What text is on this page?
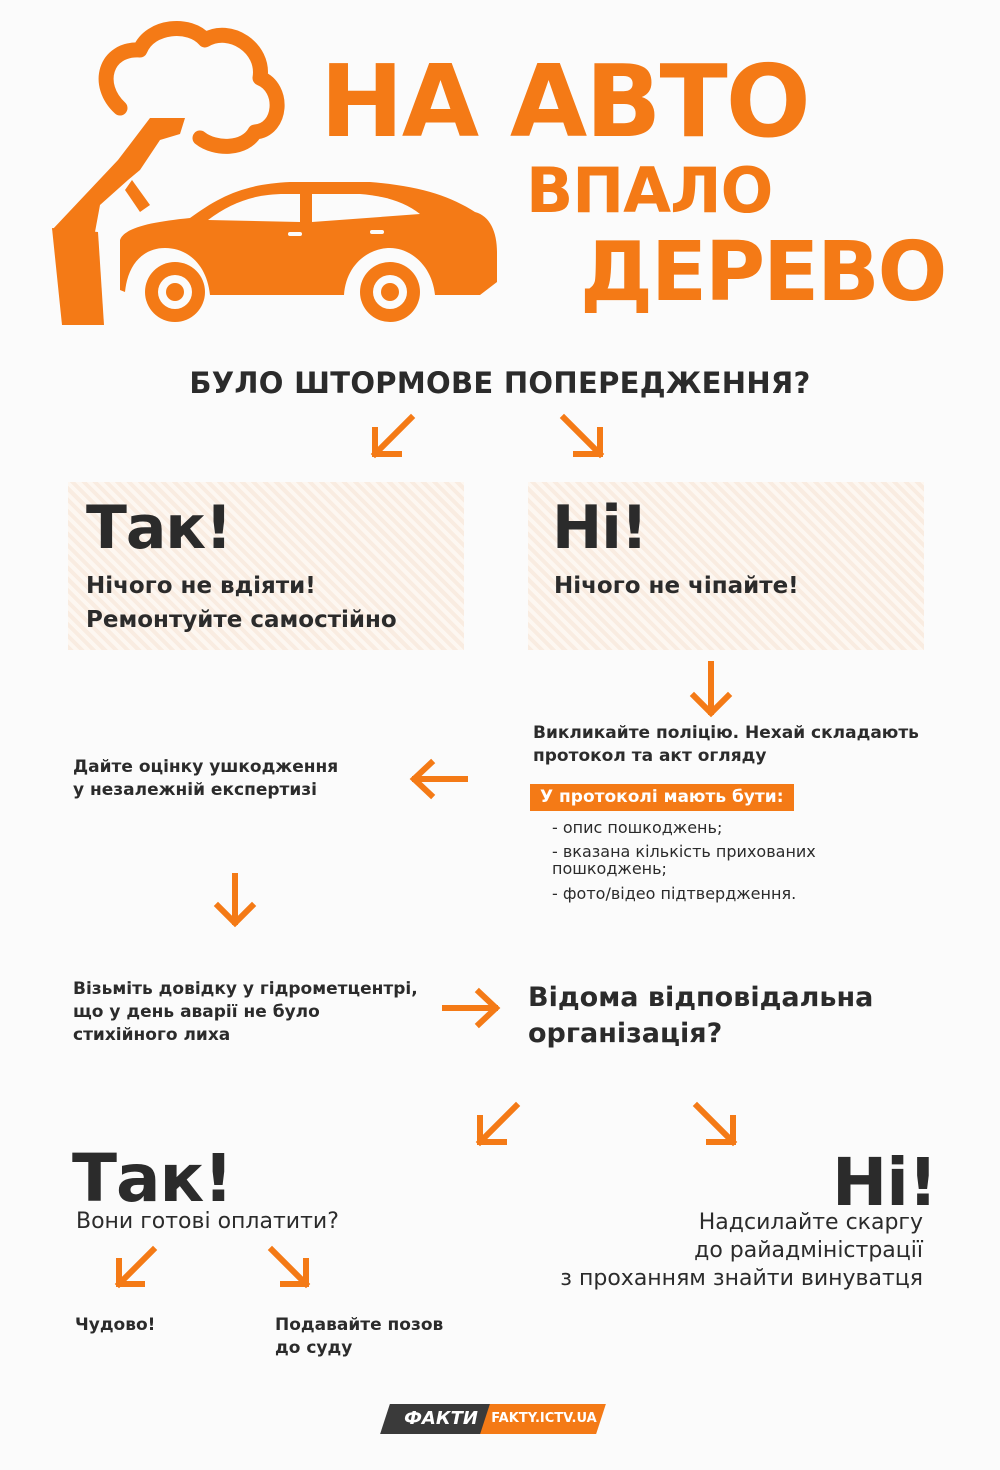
НА АВТО
ВПАЛО
ДЕРЕВО
БУЛО ШТОРМОВЕ ПОПЕРЕДЖЕННЯ?
Так!
Нічого не вдіяти!
Ремонтуйте самостійно
Ні!
Нічого не чіпайте!
Викликайте поліцію. Нехай складають
протокол та акт огляду
У протоколі мають бути:
- опис пошкоджень;
- вказана кількість прихованих
пошкоджень;
- фото/відео підтвердження.
Дайте оцінку ушкодження
у незалежній експертизі
Візьміть довідку у гідрометцентрі,
що у день аварії не було
стихійного лиха
Відома відповідальна
організація?
Так!
Вони готові оплатити?
Чудово!	Подавайте позов
до суду
Ні!
Надсилайте скаргу
до райадміністрації
з проханням знайти винуватця
ФАКТИ	FAKTY.ICTV.UA
